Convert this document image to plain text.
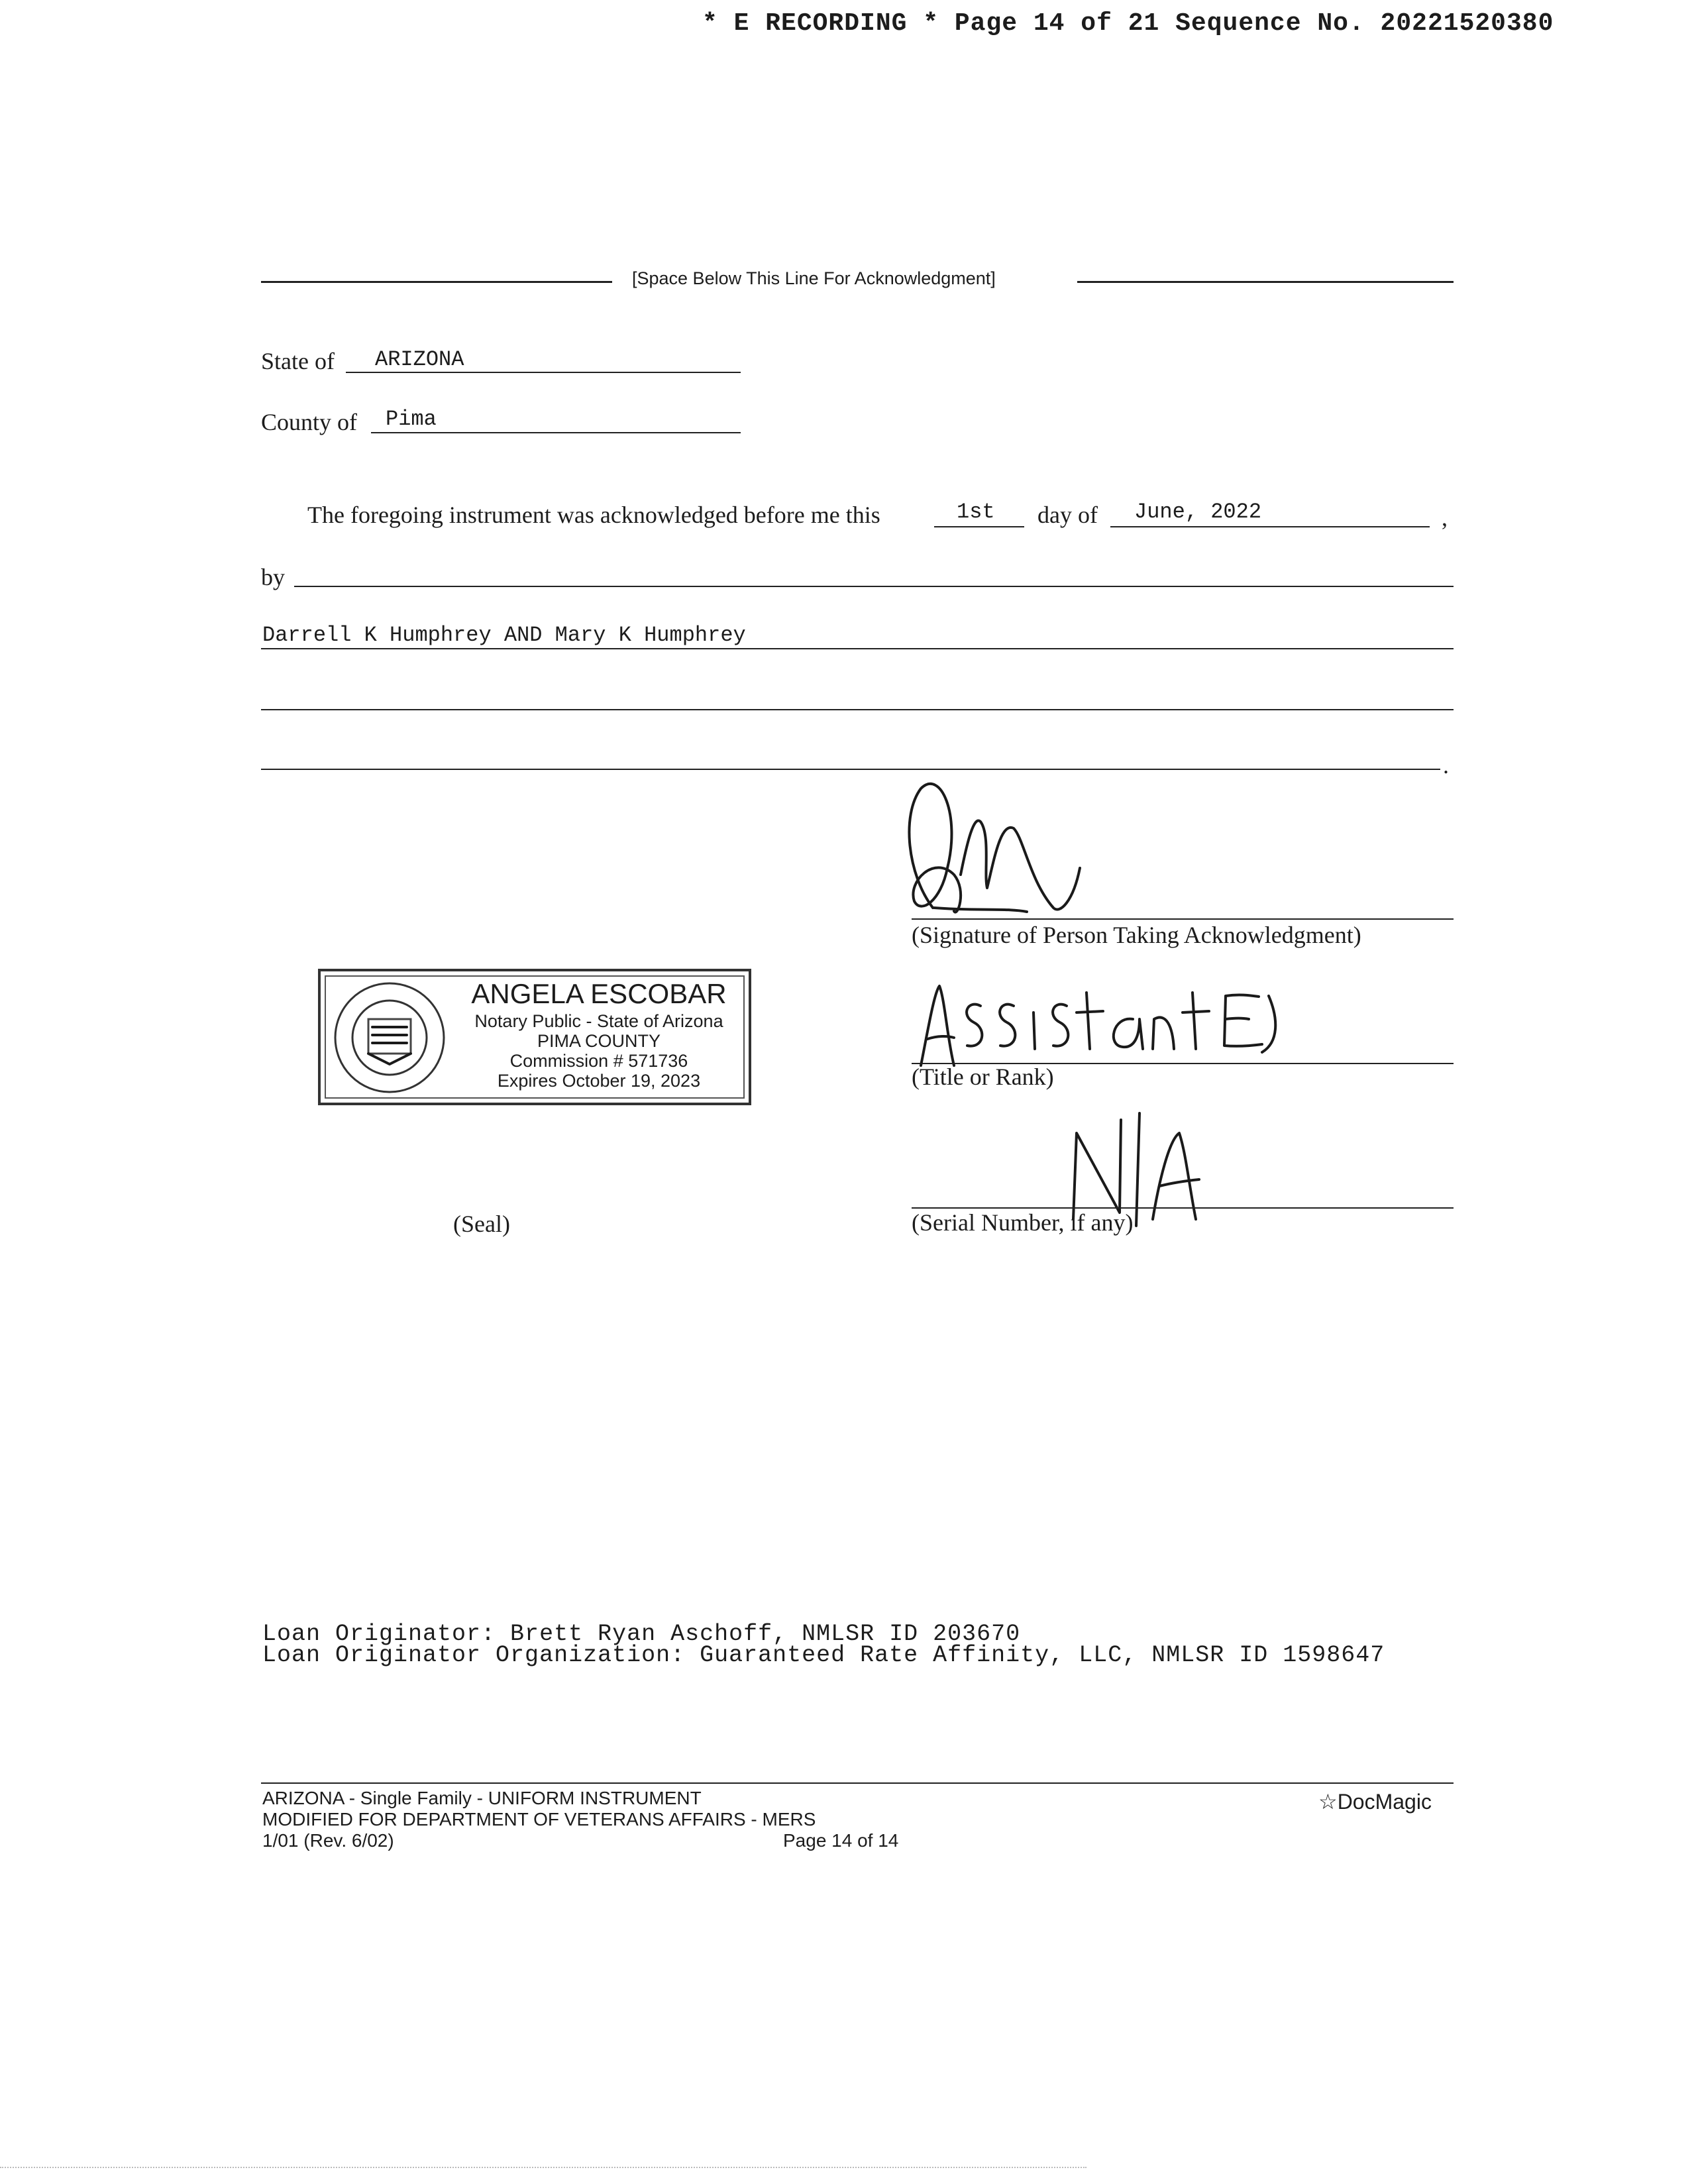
* E RECORDING * Page 14 of 21 Sequence No. 20221520380
[Space Below This Line For Acknowledgment]
State of ARIZONA
County of Pima
The foregoing instrument was acknowledged before me this	1st day of June, 2022	,
by
Darrell K Humphrey AND Mary K Humphrey
.
(Signature of Person Taking Acknowledgment)
(Title or Rank)
(Serial Number, if any)
ANGELA ESCOBAR
Notary Public - State of Arizona
PIMA COUNTY
Commission # 571736
Expires October 19, 2023
(Seal)
Loan Originator: Brett Ryan Aschoff, NMLSR ID 203670
Loan Originator Organization: Guaranteed Rate Affinity, LLC, NMLSR ID 1598647
ARIZONA - Single Family - UNIFORM INSTRUMENT
MODIFIED FOR DEPARTMENT OF VETERANS AFFAIRS - MERS
1/01 (Rev. 6/02)	Page 14 of 14
☆DocMagic
